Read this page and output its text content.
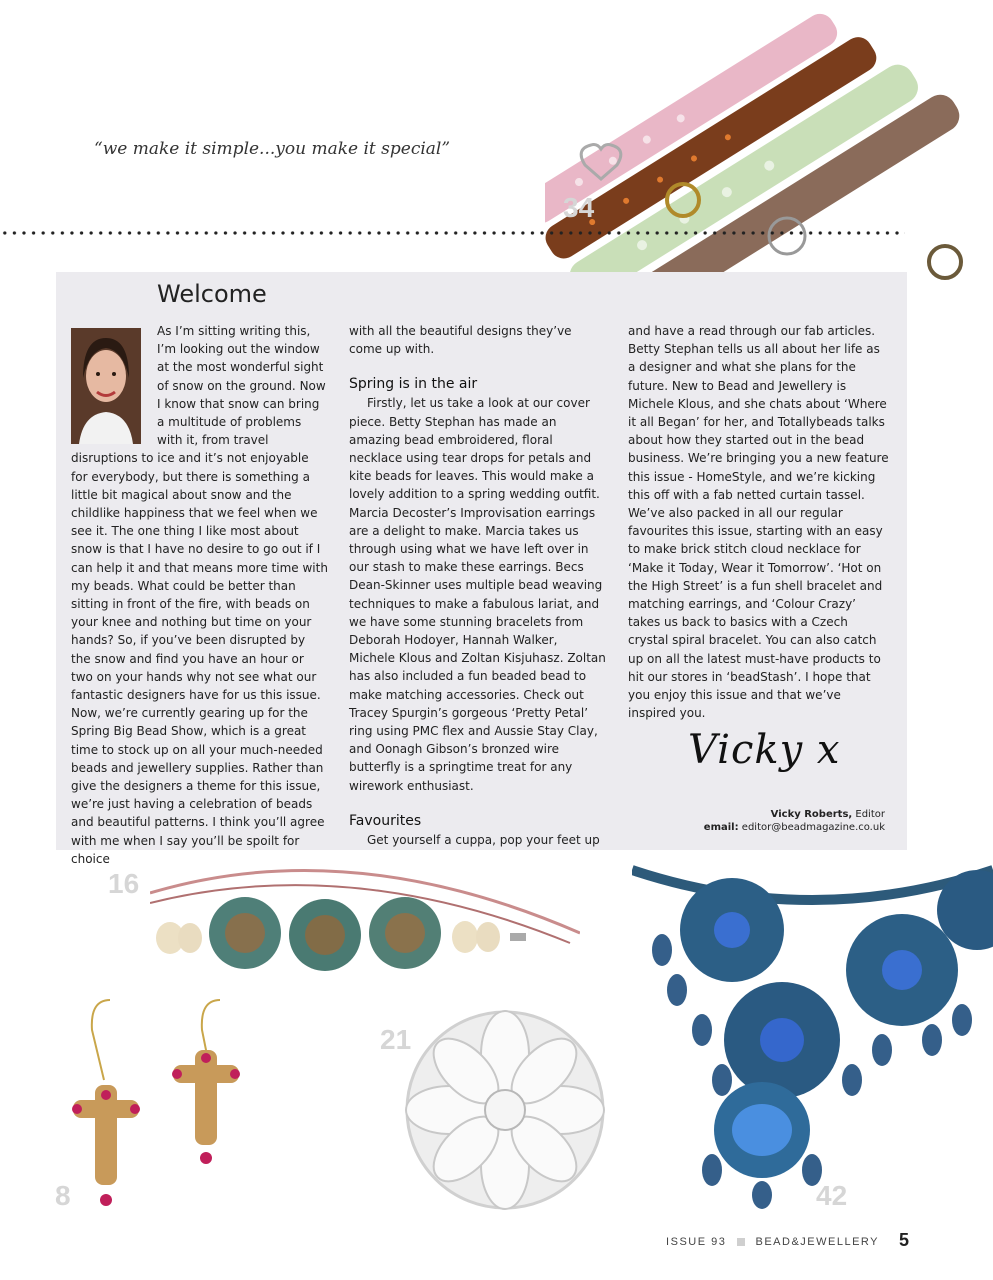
“we make it simple...you make it special”
34
Welcome

As I’m sitting writing this, I’m looking out the window at the most wonderful sight of snow on the ground. Now I know that snow can bring a multitude of problems with it, from travel disruptions to ice and it’s not enjoyable for everybody, but there is something a little bit magical about snow and the childlike happiness that we feel when we see it. The one thing I like most about snow is that I have no desire to go out if I can help it and that means more time with my beads. What could be better than sitting in front of the fire, with beads on your knee and nothing but time on your hands? So, if you’ve been disrupted by the snow and find you have an hour or two on your hands why not see what our fantastic designers have for us this issue. Now, we’re currently gearing up for the Spring Big Bead Show, which is a great time to stock up on all your much-needed beads and jewellery supplies. Rather than give the designers a theme for this issue, we’re just having a celebration of beads and beautiful patterns. I think you’ll agree with me when I say you’ll be spoilt for choice

with all the beautiful designs they’ve come up with.

Spring is in the air

Firstly, let us take a look at our cover piece. Betty Stephan has made an amazing bead embroidered, floral necklace using tear drops for petals and kite beads for leaves. This would make a lovely addition to a spring wedding outfit. Marcia Decoster’s Improvisation earrings are a delight to make. Marcia takes us through using what we have left over in our stash to make these earrings. Becs Dean-Skinner uses multiple bead weaving techniques to make a fabulous lariat, and we have some stunning bracelets from Deborah Hodoyer, Hannah Walker, Michele Klous and Zoltan Kisjuhasz. Zoltan has also included a fun beaded bead to make matching accessories. Check out Tracey Spurgin’s gorgeous ‘Pretty Petal’ ring using PMC flex and Aussie Stay Clay, and Oonagh Gibson’s bronzed wire butterfly is a springtime treat for any wirework enthusiast.

Favourites

Get yourself a cuppa, pop your feet up

and have a read through our fab articles. Betty Stephan tells us all about her life as a designer and what she plans for the future. New to Bead and Jewellery is Michele Klous, and she chats about ‘Where it all Began’ for her, and Totallybeads talks about how they started out in the bead business. We’re bringing you a new feature this issue - HomeStyle, and we’re kicking this off with a fab netted curtain tassel. We’ve also packed in all our regular favourites this issue, starting with an easy to make brick stitch cloud necklace for ‘Make it Today, Wear it Tomorrow’. ‘Hot on the High Street’ is a fun shell bracelet and matching earrings, and ‘Colour Crazy’ takes us back to basics with a Czech crystal spiral bracelet. You can also catch up on all the latest must-have products to hit our stores in ‘beadStash’. I hope that you enjoy this issue and that we’ve inspired you.

Vicky x
Vicky Roberts, Editor
email: editor@beadmagazine.co.uk
16
8
21
42
ISSUE 93	BEAD&JEWELLERY 5
